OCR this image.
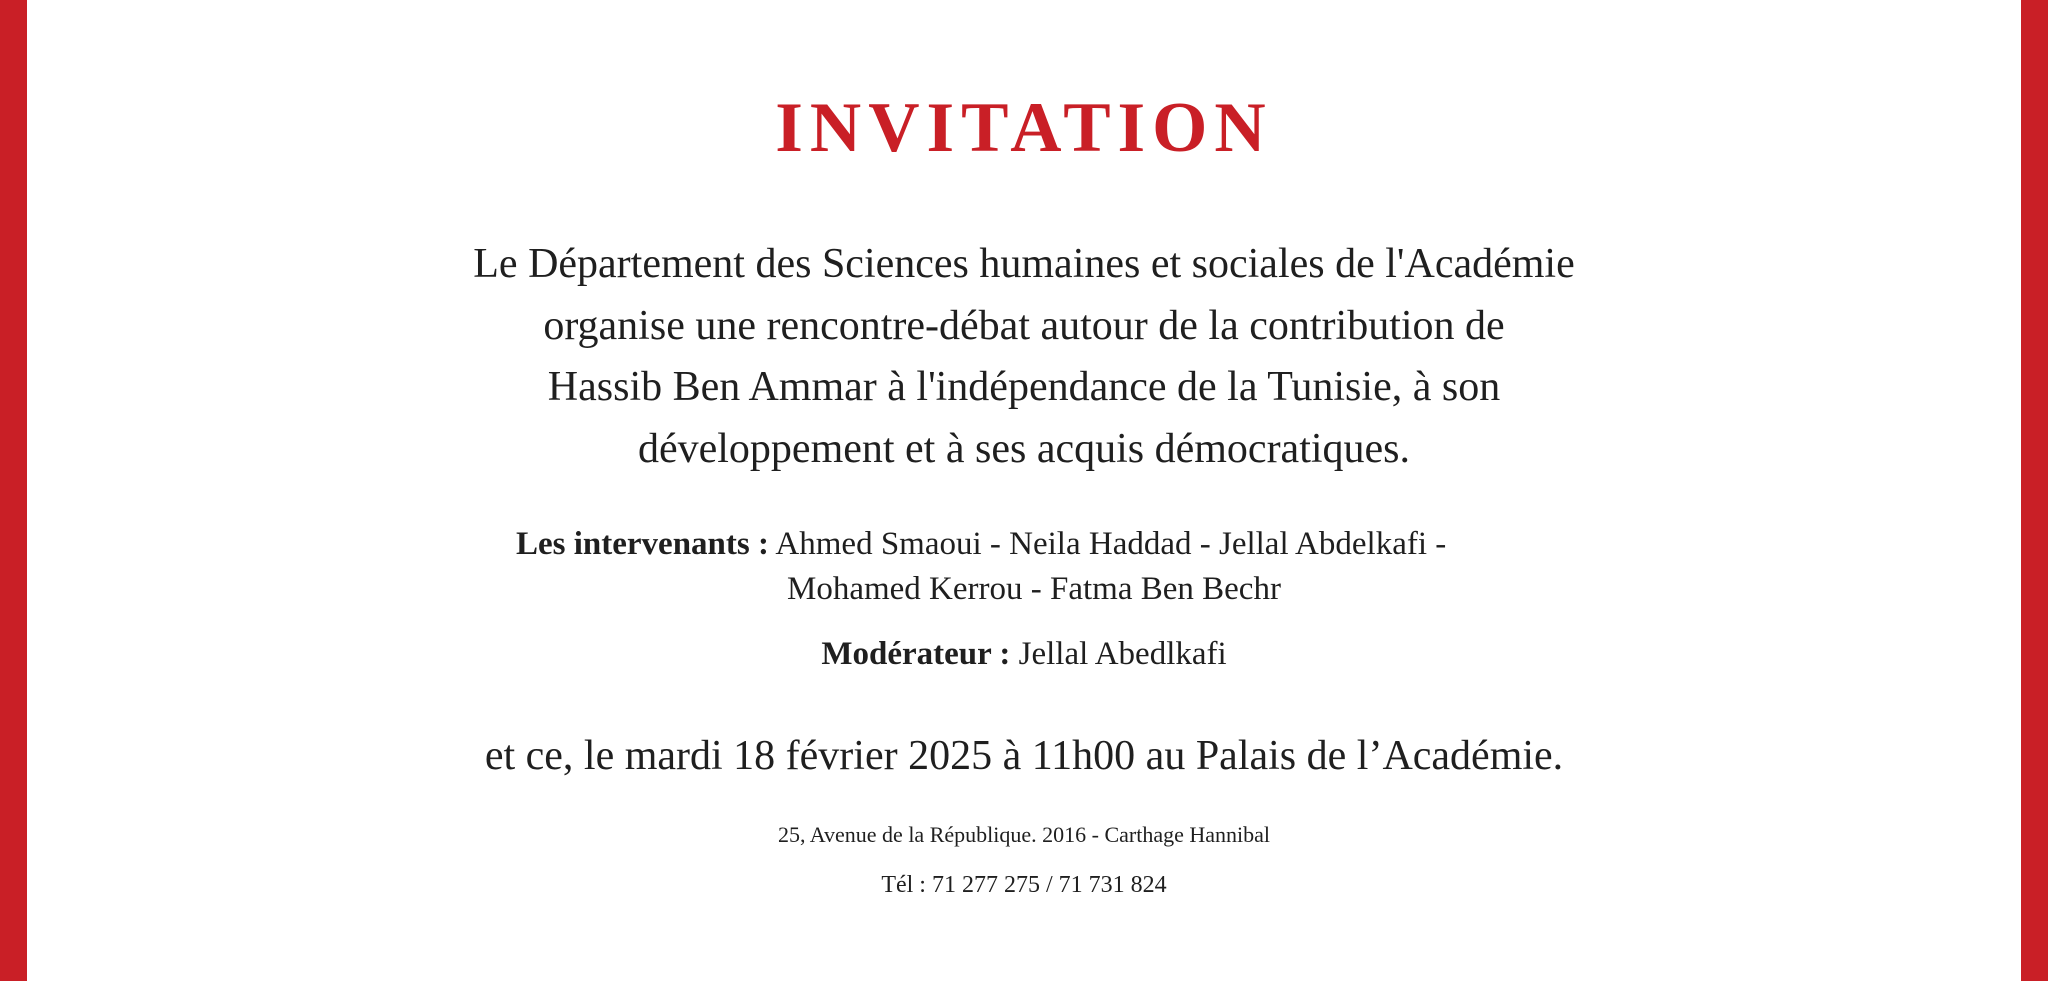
INVITATION
Le Département des Sciences humaines et sociales de l'Académie
organise une rencontre-débat autour de la contribution de
Hassib Ben Ammar à l'indépendance de la Tunisie, à son
développement et à ses acquis démocratiques.
Les intervenants : Ahmed Smaoui - Neila Haddad - Jellal Abdelkafi -
Mohamed Kerrou - Fatma Ben Bechr
Modérateur : Jellal Abedlkafi
et ce, le mardi 18 février 2025 à 11h00 au Palais de l’Académie.
25, Avenue de la République. 2016 - Carthage Hannibal
Tél : 71 277 275 / 71 731 824
